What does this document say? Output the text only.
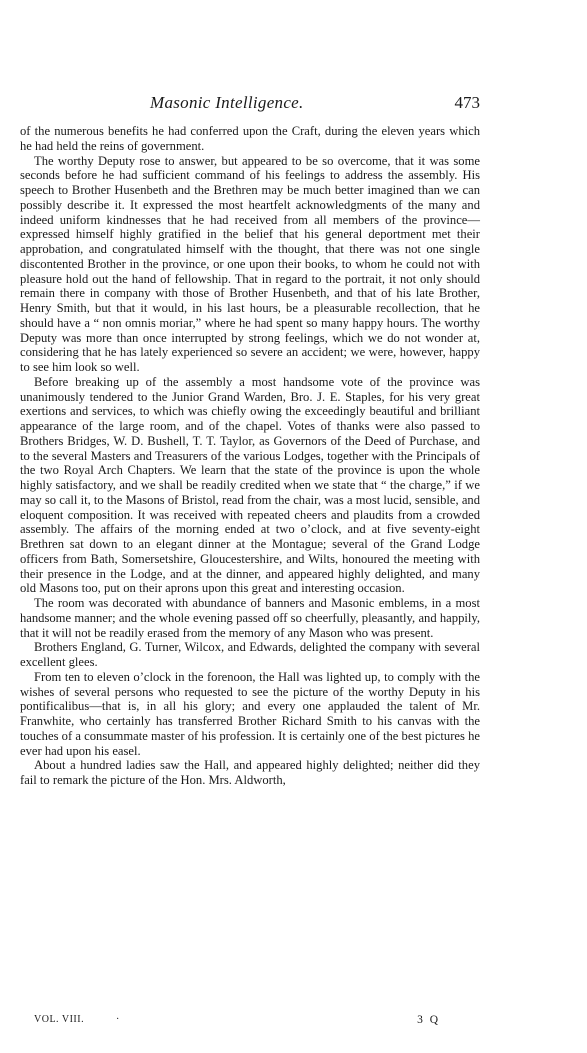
Masonic Intelligence.	473

of the numerous benefits he had conferred upon the Craft, during the eleven years which he had held the reins of government.

The worthy Deputy rose to answer, but appeared to be so overcome, that it was some seconds before he had sufficient command of his feelings to address the assembly. His speech to Brother Husenbeth and the Brethren may be much better imagined than we can possibly describe it. It expressed the most heartfelt acknowledgments of the many and indeed uniform kindnesses that he had received from all members of the province—expressed himself highly gratified in the belief that his general deportment met their approbation, and congratulated himself with the thought, that there was not one single discontented Brother in the province, or one upon their books, to whom he could not with pleasure hold out the hand of fellowship. That in regard to the portrait, it not only should remain there in company with those of Brother Husenbeth, and that of his late Brother, Henry Smith, but that it would, in his last hours, be a pleasurable recollection, that he should have a “ non omnis moriar,” where he had spent so many happy hours. The worthy Deputy was more than once interrupted by strong feelings, which we do not wonder at, considering that he has lately experienced so severe an accident; we were, however, happy to see him look so well.

Before breaking up of the assembly a most handsome vote of the province was unanimously tendered to the Junior Grand Warden, Bro. J. E. Staples, for his very great exertions and services, to which was chiefly owing the exceedingly beautiful and brilliant appearance of the large room, and of the chapel. Votes of thanks were also passed to Brothers Bridges, W. D. Bushell, T. T. Taylor, as Governors of the Deed of Purchase, and to the several Masters and Treasurers of the various Lodges, together with the Principals of the two Royal Arch Chapters. We learn that the state of the province is upon the whole highly satisfactory, and we shall be readily credited when we state that “ the charge,” if we may so call it, to the Masons of Bristol, read from the chair, was a most lucid, sensible, and eloquent composition. It was received with repeated cheers and plaudits from a crowded assembly. The affairs of the morning ended at two o’clock, and at five seventy-eight Brethren sat down to an elegant dinner at the Montague; several of the Grand Lodge officers from Bath, Somersetshire, Gloucestershire, and Wilts, honoured the meeting with their presence in the Lodge, and at the dinner, and appeared highly delighted, and many old Masons too, put on their aprons upon this great and interesting occasion.

The room was decorated with abundance of banners and Masonic emblems, in a most handsome manner; and the whole evening passed off so cheerfully, pleasantly, and happily, that it will not be readily erased from the memory of any Mason who was present.

Brothers England, G. Turner, Wilcox, and Edwards, delighted the company with several excellent glees.

From ten to eleven o’clock in the forenoon, the Hall was lighted up, to comply with the wishes of several persons who requested to see the picture of the worthy Deputy in his pontificalibus—that is, in all his glory; and every one applauded the talent of Mr. Franwhite, who certainly has transferred Brother Richard Smith to his canvas with the touches of a consummate master of his profession. It is certainly one of the best pictures he ever had upon his easel.

About a hundred ladies saw the Hall, and appeared highly delighted; neither did they fail to remark the picture of the Hon. Mrs. Aldworth,

VOL. VIII.	·	3 Q
